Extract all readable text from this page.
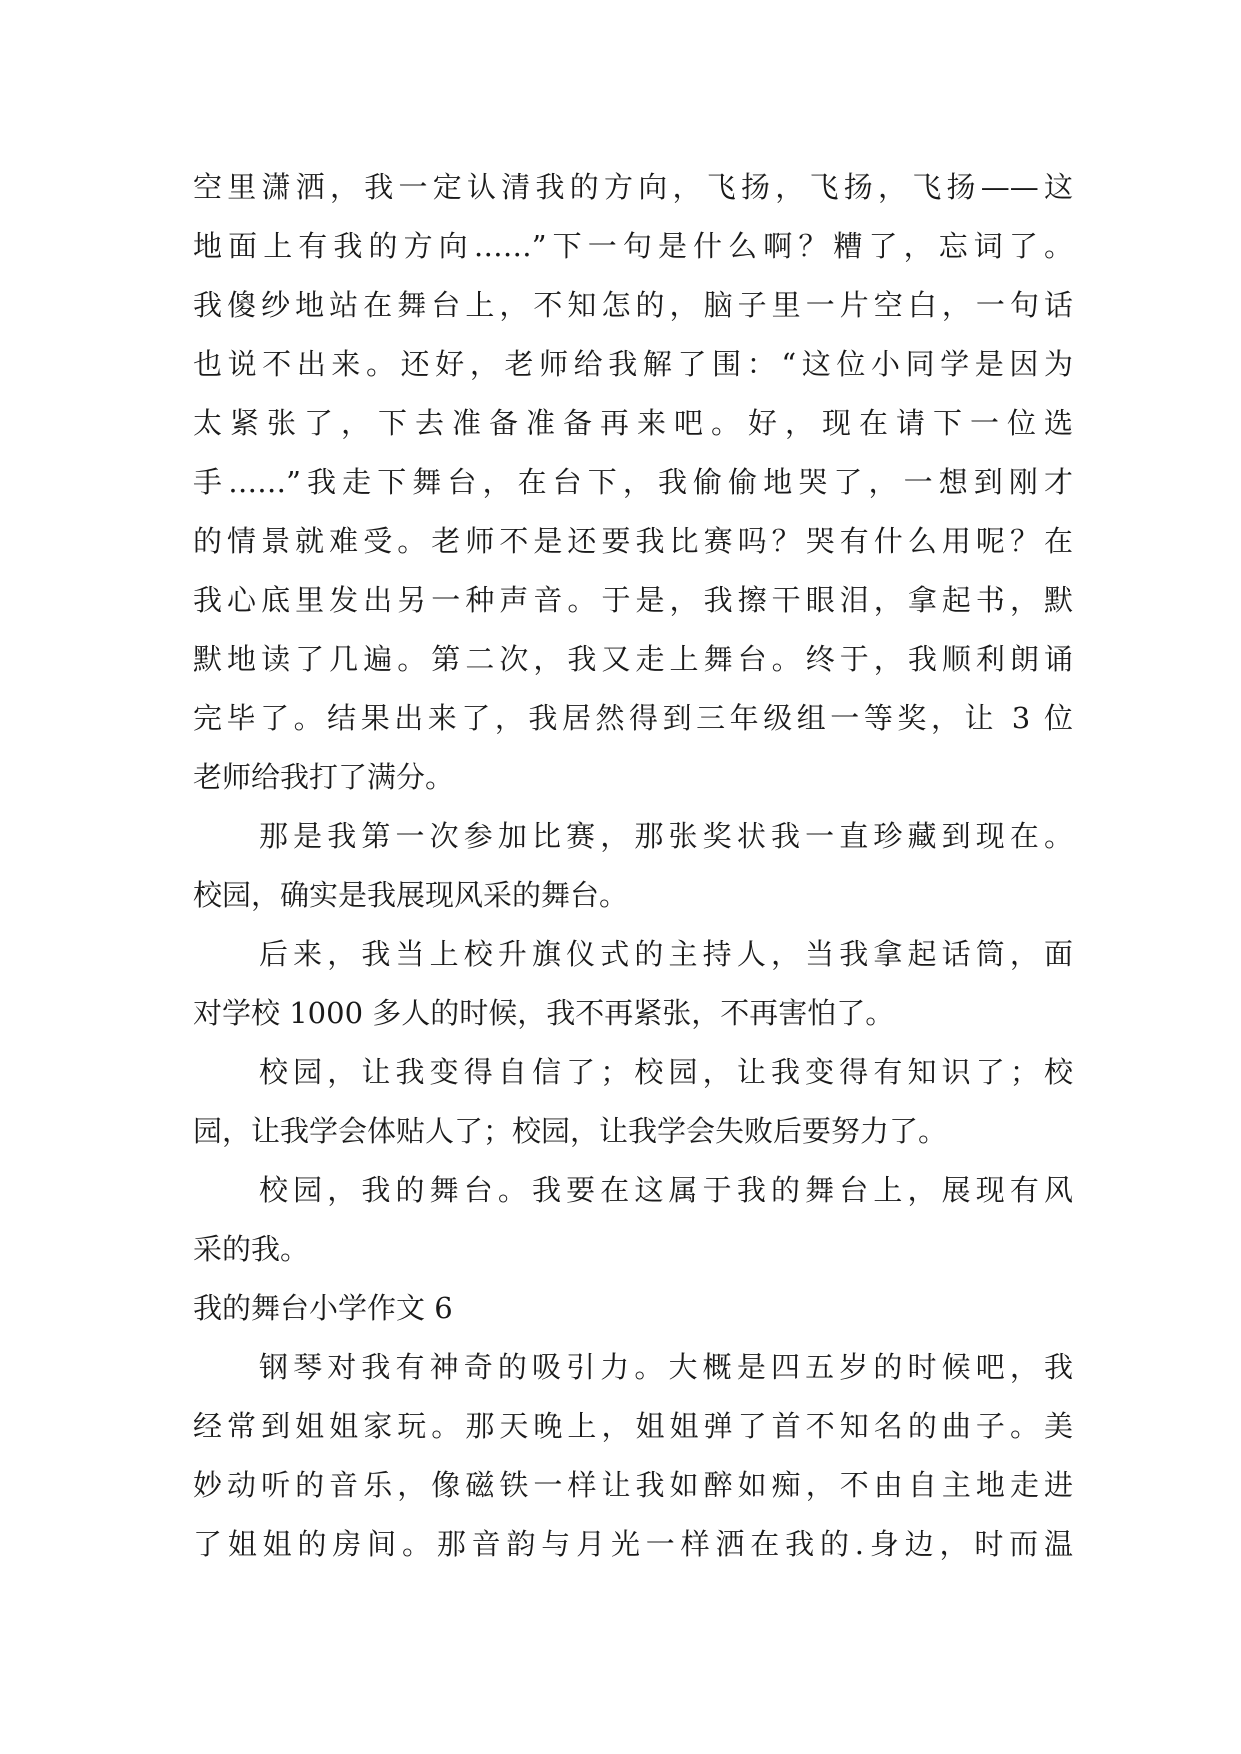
空里潇洒，我一定认清我的方向，飞扬，飞扬，飞扬——这
地面上有我的方向……”下一句是什么啊？糟了，忘词了。
我傻纱地站在舞台上，不知怎的，脑子里一片空白，一句话
也说不出来。还好，老师给我解了围：“这位小同学是因为
太紧张了，下去准备准备再来吧。好，现在请下一位选
手……”我走下舞台，在台下，我偷偷地哭了，一想到刚才
的情景就难受。老师不是还要我比赛吗？哭有什么用呢？在
我心底里发出另一种声音。于是，我擦干眼泪，拿起书，默
默地读了几遍。第二次，我又走上舞台。终于，我顺利朗诵
完毕了。结果出来了，我居然得到三年级组一等奖，让 3 位
老师给我打了满分。
那是我第一次参加比赛，那张奖状我一直珍藏到现在。
校园，确实是我展现风采的舞台。
后来，我当上校升旗仪式的主持人，当我拿起话筒，面
对学校 1000 多人的时候，我不再紧张，不再害怕了。
校园，让我变得自信了；校园，让我变得有知识了；校
园，让我学会体贴人了；校园，让我学会失败后要努力了。
校园，我的舞台。我要在这属于我的舞台上，展现有风
采的我。
我的舞台小学作文 6
钢琴对我有神奇的吸引力。大概是四五岁的时候吧，我
经常到姐姐家玩。那天晚上，姐姐弹了首不知名的曲子。美
妙动听的音乐，像磁铁一样让我如醉如痴，不由自主地走进
了姐姐的房间。那音韵与月光一样洒在我的.身边，时而温
